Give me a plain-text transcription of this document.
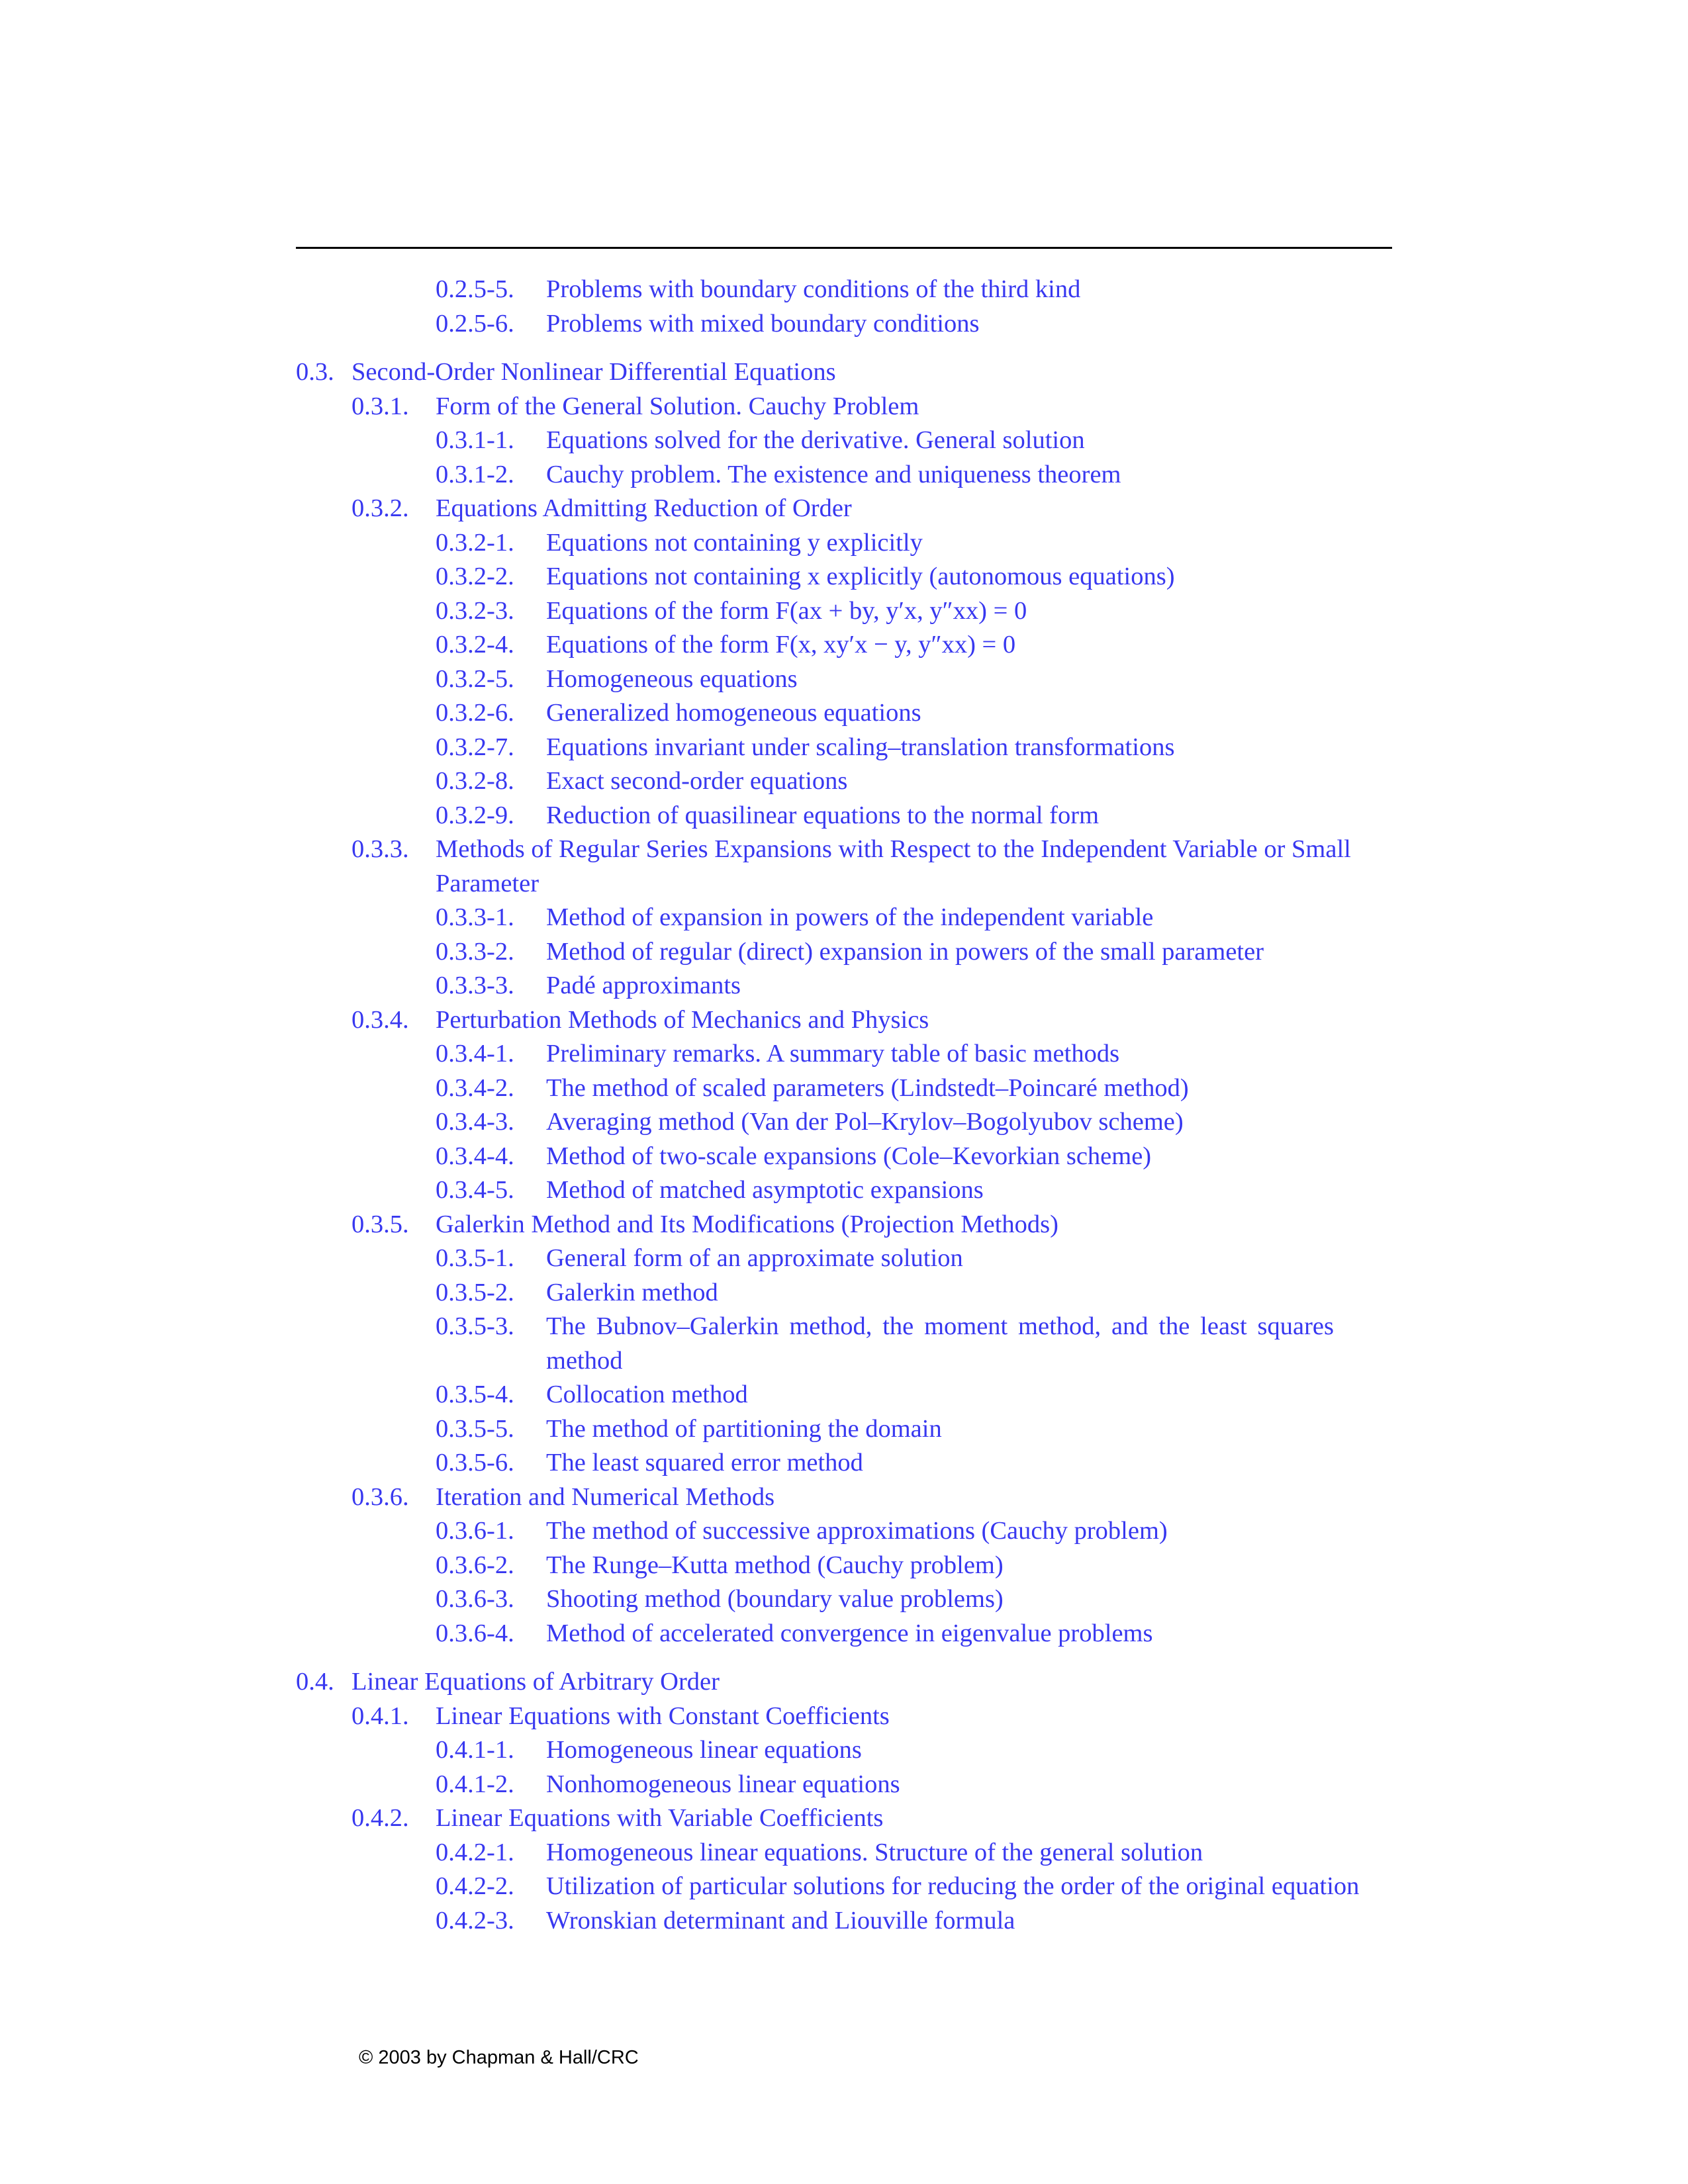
0.2.5-5. Problems with boundary conditions of the third kind
0.2.5-6. Problems with mixed boundary conditions
0.3. Second-Order Nonlinear Differential Equations
0.3.1. Form of the General Solution. Cauchy Problem
0.3.1-1. Equations solved for the derivative. General solution
0.3.1-2. Cauchy problem. The existence and uniqueness theorem
0.3.2. Equations Admitting Reduction of Order
0.3.2-1. Equations not containing y explicitly
0.3.2-2. Equations not containing x explicitly (autonomous equations)
0.3.2-3. Equations of the form F(ax + by, y′x, y″xx) = 0
0.3.2-4. Equations of the form F(x, xy′x − y, y″xx) = 0
0.3.2-5. Homogeneous equations
0.3.2-6. Generalized homogeneous equations
0.3.2-7. Equations invariant under scaling–translation transformations
0.3.2-8. Exact second-order equations
0.3.2-9. Reduction of quasilinear equations to the normal form
0.3.3. Methods of Regular Series Expansions with Respect to the Independent Variable or Small Parameter
0.3.3-1. Method of expansion in powers of the independent variable
0.3.3-2. Method of regular (direct) expansion in powers of the small parameter
0.3.3-3. Padé approximants
0.3.4. Perturbation Methods of Mechanics and Physics
0.3.4-1. Preliminary remarks. A summary table of basic methods
0.3.4-2. The method of scaled parameters (Lindstedt–Poincaré method)
0.3.4-3. Averaging method (Van der Pol–Krylov–Bogolyubov scheme)
0.3.4-4. Method of two-scale expansions (Cole–Kevorkian scheme)
0.3.4-5. Method of matched asymptotic expansions
0.3.5. Galerkin Method and Its Modifications (Projection Methods)
0.3.5-1. General form of an approximate solution
0.3.5-2. Galerkin method
0.3.5-3. The Bubnov–Galerkin method, the moment method, and the least squares method
0.3.5-4. Collocation method
0.3.5-5. The method of partitioning the domain
0.3.5-6. The least squared error method
0.3.6. Iteration and Numerical Methods
0.3.6-1. The method of successive approximations (Cauchy problem)
0.3.6-2. The Runge–Kutta method (Cauchy problem)
0.3.6-3. Shooting method (boundary value problems)
0.3.6-4. Method of accelerated convergence in eigenvalue problems
0.4. Linear Equations of Arbitrary Order
0.4.1. Linear Equations with Constant Coefficients
0.4.1-1. Homogeneous linear equations
0.4.1-2. Nonhomogeneous linear equations
0.4.2. Linear Equations with Variable Coefficients
0.4.2-1. Homogeneous linear equations. Structure of the general solution
0.4.2-2. Utilization of particular solutions for reducing the order of the original equation
0.4.2-3. Wronskian determinant and Liouville formula
© 2003 by Chapman & Hall/CRC
